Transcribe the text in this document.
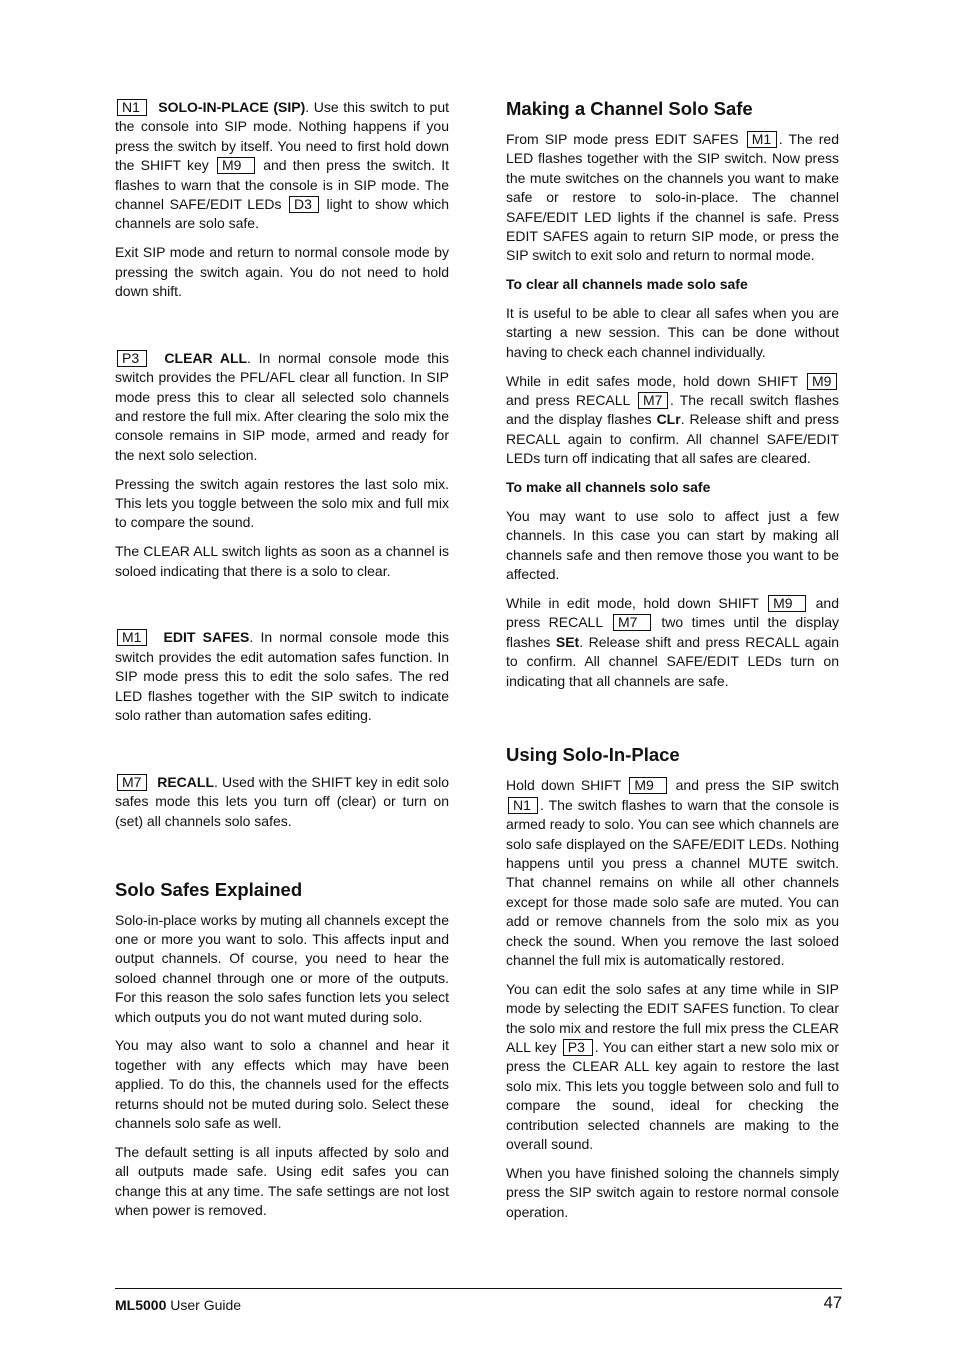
N1 SOLO-IN-PLACE (SIP). Use this switch to put the console into SIP mode. Nothing happens if you press the switch by itself. You need to first hold down the SHIFT key M9 and then press the switch. It flashes to warn that the console is in SIP mode. The channel SAFE/EDIT LEDs D3 light to show which channels are solo safe.

Exit SIP mode and return to normal console mode by pressing the switch again. You do not need to hold down shift.

P3 CLEAR ALL. In normal console mode this switch provides the PFL/AFL clear all function. In SIP mode press this to clear all selected solo channels and restore the full mix. After clearing the solo mix the console remains in SIP mode, armed and ready for the next solo selection.

Pressing the switch again restores the last solo mix. This lets you toggle between the solo mix and full mix to compare the sound.

The CLEAR ALL switch lights as soon as a channel is soloed indicating that there is a solo to clear.

M1 EDIT SAFES. In normal console mode this switch provides the edit automation safes function. In SIP mode press this to edit the solo safes. The red LED flashes together with the SIP switch to indicate solo rather than automation safes editing.

M7 RECALL. Used with the SHIFT key in edit solo safes mode this lets you turn off (clear) or turn on (set) all channels solo safes.

Solo Safes Explained

Solo-in-place works by muting all channels except the one or more you want to solo. This affects input and output channels. Of course, you need to hear the soloed channel through one or more of the outputs. For this reason the solo safes function lets you select which outputs you do not want muted during solo.

You may also want to solo a channel and hear it together with any effects which may have been applied. To do this, the channels used for the effects returns should not be muted during solo. Select these channels solo safe as well.

The default setting is all inputs affected by solo and all outputs made safe. Using edit safes you can change this at any time. The safe settings are not lost when power is removed.

Making a Channel Solo Safe

From SIP mode press EDIT SAFES M1 . The red LED flashes together with the SIP switch. Now press the mute switches on the channels you want to make safe or restore to solo-in-place. The channel SAFE/EDIT LED lights if the channel is safe. Press EDIT SAFES again to return SIP mode, or press the SIP switch to exit solo and return to normal mode.

To clear all channels made solo safe

It is useful to be able to clear all safes when you are starting a new session. This can be done without having to check each channel individually.

While in edit safes mode, hold down SHIFT M9 and press RECALL M7 . The recall switch flashes and the display flashes CLr. Release shift and press RECALL again to confirm. All channel SAFE/EDIT LEDs turn off indicating that all safes are cleared.

To make all channels solo safe

You may want to use solo to affect just a few channels. In this case you can start by making all channels safe and then remove those you want to be affected.

While in edit mode, hold down SHIFT M9 and press RECALL M7 two times until the display flashes SEt. Release shift and press RECALL again to confirm. All channel SAFE/EDIT LEDs turn on indicating that all channels are safe.

Using Solo-In-Place

Hold down SHIFT M9 and press the SIP switch N1 . The switch flashes to warn that the console is armed ready to solo. You can see which channels are solo safe displayed on the SAFE/EDIT LEDs. Nothing happens until you press a channel MUTE switch. That channel remains on while all other channels except for those made solo safe are muted. You can add or remove channels from the solo mix as you check the sound. When you remove the last soloed channel the full mix is automatically restored.

You can edit the solo safes at any time while in SIP mode by selecting the EDIT SAFES function. To clear the solo mix and restore the full mix press the CLEAR ALL key P3 . You can either start a new solo mix or press the CLEAR ALL key again to restore the last solo mix. This lets you toggle between solo and full to compare the sound, ideal for checking the contribution selected channels are making to the overall sound.

When you have finished soloing the channels simply press the SIP switch again to restore normal console operation.

ML5000 User Guide	47
